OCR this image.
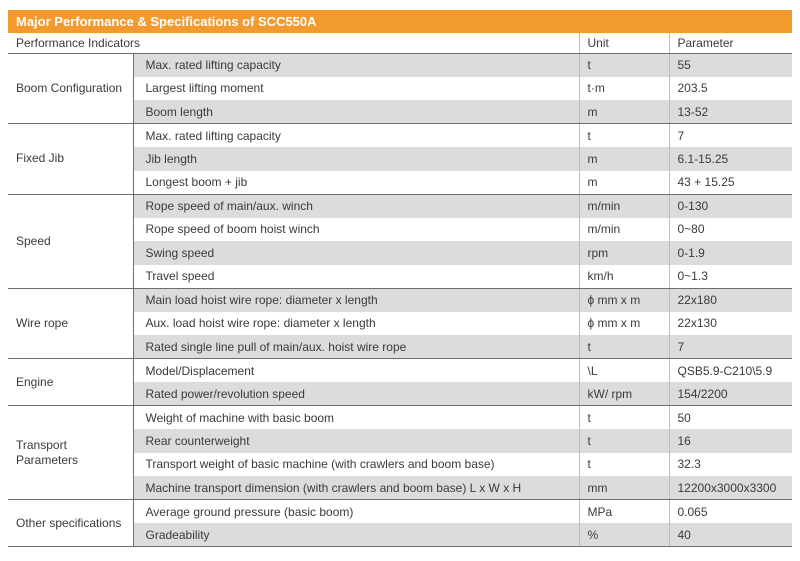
Major Performance & Specifications of SCC550A
Performance Indicators		Unit	Parameter
Boom Configuration	Max. rated lifting capacity	t	55
	Largest lifting moment	t·m	203.5
	Boom length	m	13-52
Fixed Jib	Max. rated lifting capacity	t	7
	Jib length	m	6.1-15.25
	Longest boom + jib	m	43 + 15.25
Speed	Rope speed of main/aux. winch	m/min	0-130
	Rope speed of boom hoist winch	m/min	0~80
	Swing speed	rpm	0-1.9
	Travel speed	km/h	0~1.3
Wire rope	Main load hoist wire rope: diameter x length	ϕ mm x m	22x180
	Aux. load hoist wire rope: diameter x length	ϕ mm x m	22x130
	Rated single line pull of main/aux. hoist wire rope	t	7
Engine	Model/Displacement	\L	QSB5.9-C210\5.9
	Rated power/revolution speed	kW/ rpm	154/2200
Transport Parameters	Weight of machine with basic boom	t	50
	Rear counterweight	t	16
	Transport weight of basic machine (with crawlers and boom base)	t	32.3
	Machine transport dimension (with crawlers and boom base) L x W x H	mm	12200x3000x3300
Other specifications	Average ground pressure (basic boom)	MPa	0.065
	Gradeability	%	40
